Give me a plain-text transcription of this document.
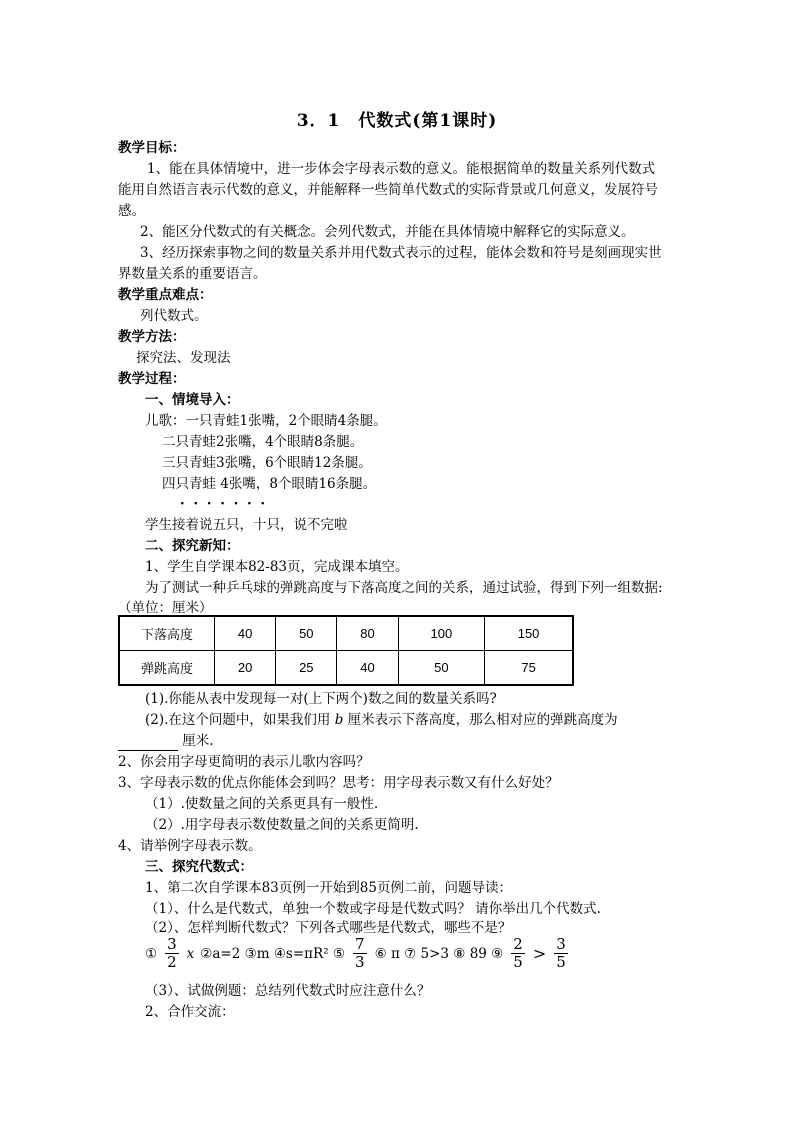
3．1　代数式(第1课时)
教学目标：
1、能在具体情境中，进一步体会字母表示数的意义。能根据简单的数量关系列代数式
能用自然语言表示代数的意义，并能解释一些简单代数式的实际背景或几何意义，发展符号
感。
2、能区分代数式的有关概念。会列代数式，并能在具体情境中解释它的实际意义。
3、经历探索事物之间的数量关系并用代数式表示的过程，能体会数和符号是刻画现实世
界数量关系的重要语言。
教学重点难点：
列代数式。
教学方法：
探究法、发现法
教学过程：
一、情境导入：
儿歌：一只青蛙1张嘴，2个眼睛4条腿。
二只青蛙2张嘴，4个眼睛8条腿。
三只青蛙3张嘴，6个眼睛12条腿。
四只青蛙 4张嘴，8个眼睛16条腿。
· · · · · · ·
学生接着说五只，十只，说不完啦
二、探究新知：
1、学生自学课本82-83页，完成课本填空。
为了测试一种乒乓球的弹跳高度与下落高度之间的关系，通过试验，得到下列一组数据:
（单位：厘米）
下落高度	40	50	80	100	150
弹跳高度	20	25	40	50	75
(1).你能从表中发现每一对(上下两个)数之间的数量关系吗?
(2).在这个问题中，如果我们用 b 厘米表示下落高度，那么相对应的弹跳高度为
厘米.
2、你会用字母更简明的表示儿歌内容吗？
3、字母表示数的优点你能体会到吗？思考：用字母表示数又有什么好处？
（1）.使数量之间的关系更具有一般性.
（2）.用字母表示数使数量之间的关系更简明.
4、请举例字母表示数。
三、探究代数式：
1、第二次自学课本83页例一开始到85页例二前，问题导读：
（1）、什么是代数式，单独一个数或字母是代数式吗？ 请你举出几个代数式.
（2）、怎样判断代数式？下列各式哪些是代数式，哪些不是？
① $\frac{3}{2}$ x ②a=2 ③m ④s=πR² ⑤ $\frac{7}{3}$ ⑥ π ⑦ 5>3 ⑧ 89 ⑨ $\frac{2}{5} > \frac{3}{5}$
（3）、试做例题：总结列代数式时应注意什么？
2、合作交流：
